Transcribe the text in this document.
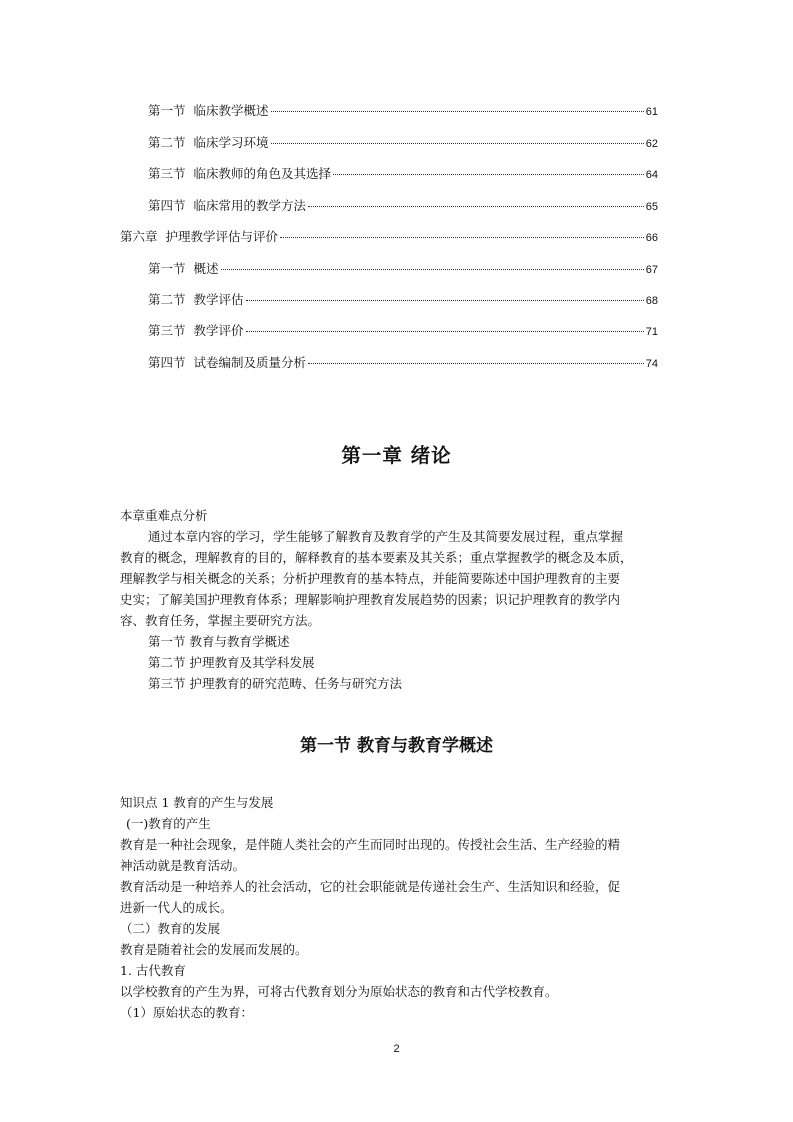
第一节 临床教学概述	61
第二节 临床学习环境	62
第三节 临床教师的角色及其选择	64
第四节 临床常用的教学方法	65
第六章 护理教学评估与评价	66
第一节 概述	67
第二节 教学评估	68
第三节 教学评价	71
第四节 试卷编制及质量分析	74
第一章 绪论
本章重难点分析
通过本章内容的学习，学生能够了解教育及教育学的产生及其简要发展过程，重点掌握
教育的概念，理解教育的目的，解释教育的基本要素及其关系；重点掌握教学的概念及本质，
理解教学与相关概念的关系；分析护理教育的基本特点，并能简要陈述中国护理教育的主要
史实；了解美国护理教育体系；理解影响护理教育发展趋势的因素；识记护理教育的教学内
容、教育任务，掌握主要研究方法。
第一节 教育与教育学概述
第二节 护理教育及其学科发展
第三节 护理教育的研究范畴、任务与研究方法
第一节 教育与教育学概述
知识点 1 教育的产生与发展
(一)教育的产生
教育是一种社会现象，是伴随人类社会的产生而同时出现的。传授社会生活、生产经验的精
神活动就是教育活动。
教育活动是一种培养人的社会活动，它的社会职能就是传递社会生产、生活知识和经验，促
进新一代人的成长。
（二）教育的发展
教育是随着社会的发展而发展的。
1. 古代教育
以学校教育的产生为界，可将古代教育划分为原始状态的教育和古代学校教育。
（1）原始状态的教育：
2
